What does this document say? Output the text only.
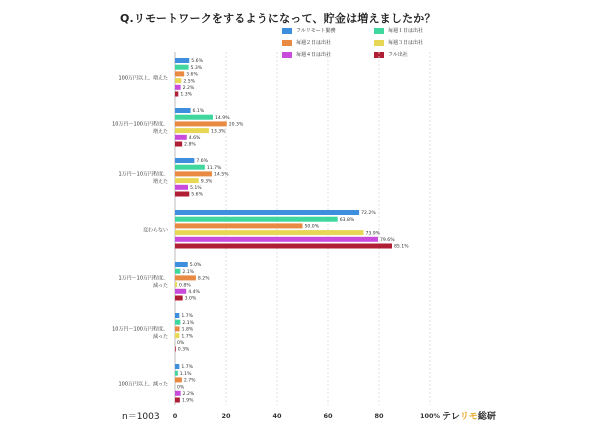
Q.リモートワークをするようになって、貯金は増えましたか？
フルリモート勤務	毎週１日は出社
毎週２日は出社	毎週３日は出社
毎週４日は出社	フル出社
0	20	40	60	80	100%
100万円以上、増えた
10万円〜100万円程度、
増えた
1万円〜10万円程度、
増えた
変わらない
1万円〜10万円程度、
減った
10万円〜100万円程度、
減った
100万円以上、減った
5.6%
6.1%
7.6%
72.2%
5.0%
1.7%
1.7%
5.3%
14.9%
11.7%
63.8%
2.1%
2.1%
1.1%
3.6%
20.3%
14.5%
50.0%
8.2%
1.8%
2.7%
2.5%
13.3%
9.3%
73.9%
0.8%
1.7%
0%
2.2%
4.6%
5.1%
79.6%
4.4%
0%
2.2%
1.3%
2.8%
5.6%
85.1%
3.0%
0.3%
1.9%
n＝1003	テレリモ総研
